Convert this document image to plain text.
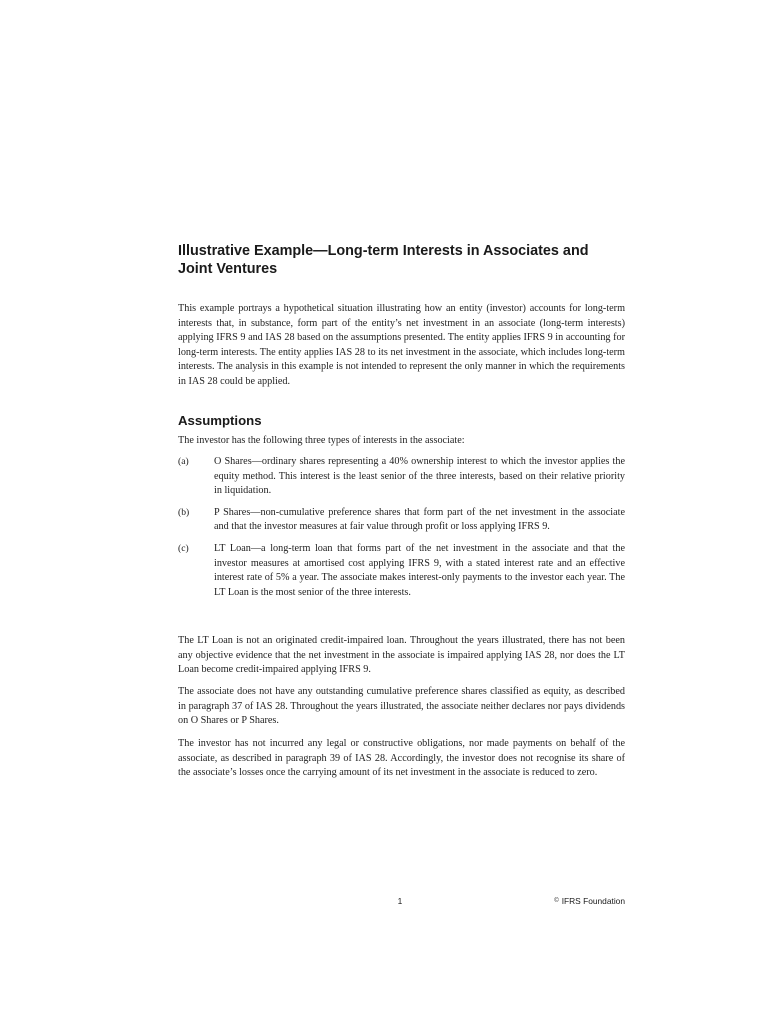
Illustrative Example—Long-term Interests in Associates and Joint Ventures

This example portrays a hypothetical situation illustrating how an entity (investor) accounts for long-term interests that, in substance, form part of the entity’s net investment in an associate (long-term interests) applying IFRS 9 and IAS 28 based on the assumptions presented. The entity applies IFRS 9 in accounting for long-term interests. The entity applies IAS 28 to its net investment in the associate, which includes long-term interests. The analysis in this example is not intended to represent the only manner in which the requirements in IAS 28 could be applied.

Assumptions

The investor has the following three types of interests in the associate:

(a) O Shares—ordinary shares representing a 40% ownership interest to which the investor applies the equity method. This interest is the least senior of the three interests, based on their relative priority in liquidation.

(b) P Shares—non-cumulative preference shares that form part of the net investment in the associate and that the investor measures at fair value through profit or loss applying IFRS 9.

(c) LT Loan—a long-term loan that forms part of the net investment in the associate and that the investor measures at amortised cost applying IFRS 9, with a stated interest rate and an effective interest rate of 5% a year. The associate makes interest-only payments to the investor each year. The LT Loan is the most senior of the three interests.

The LT Loan is not an originated credit-impaired loan. Throughout the years illustrated, there has not been any objective evidence that the net investment in the associate is impaired applying IAS 28, nor does the LT Loan become credit-impaired applying IFRS 9.

The associate does not have any outstanding cumulative preference shares classified as equity, as described in paragraph 37 of IAS 28. Throughout the years illustrated, the associate neither declares nor pays dividends on O Shares or P Shares.

The investor has not incurred any legal or constructive obligations, nor made payments on behalf of the associate, as described in paragraph 39 of IAS 28. Accordingly, the investor does not recognise its share of the associate’s losses once the carrying amount of its net investment in the associate is reduced to zero.

1	© IFRS Foundation
